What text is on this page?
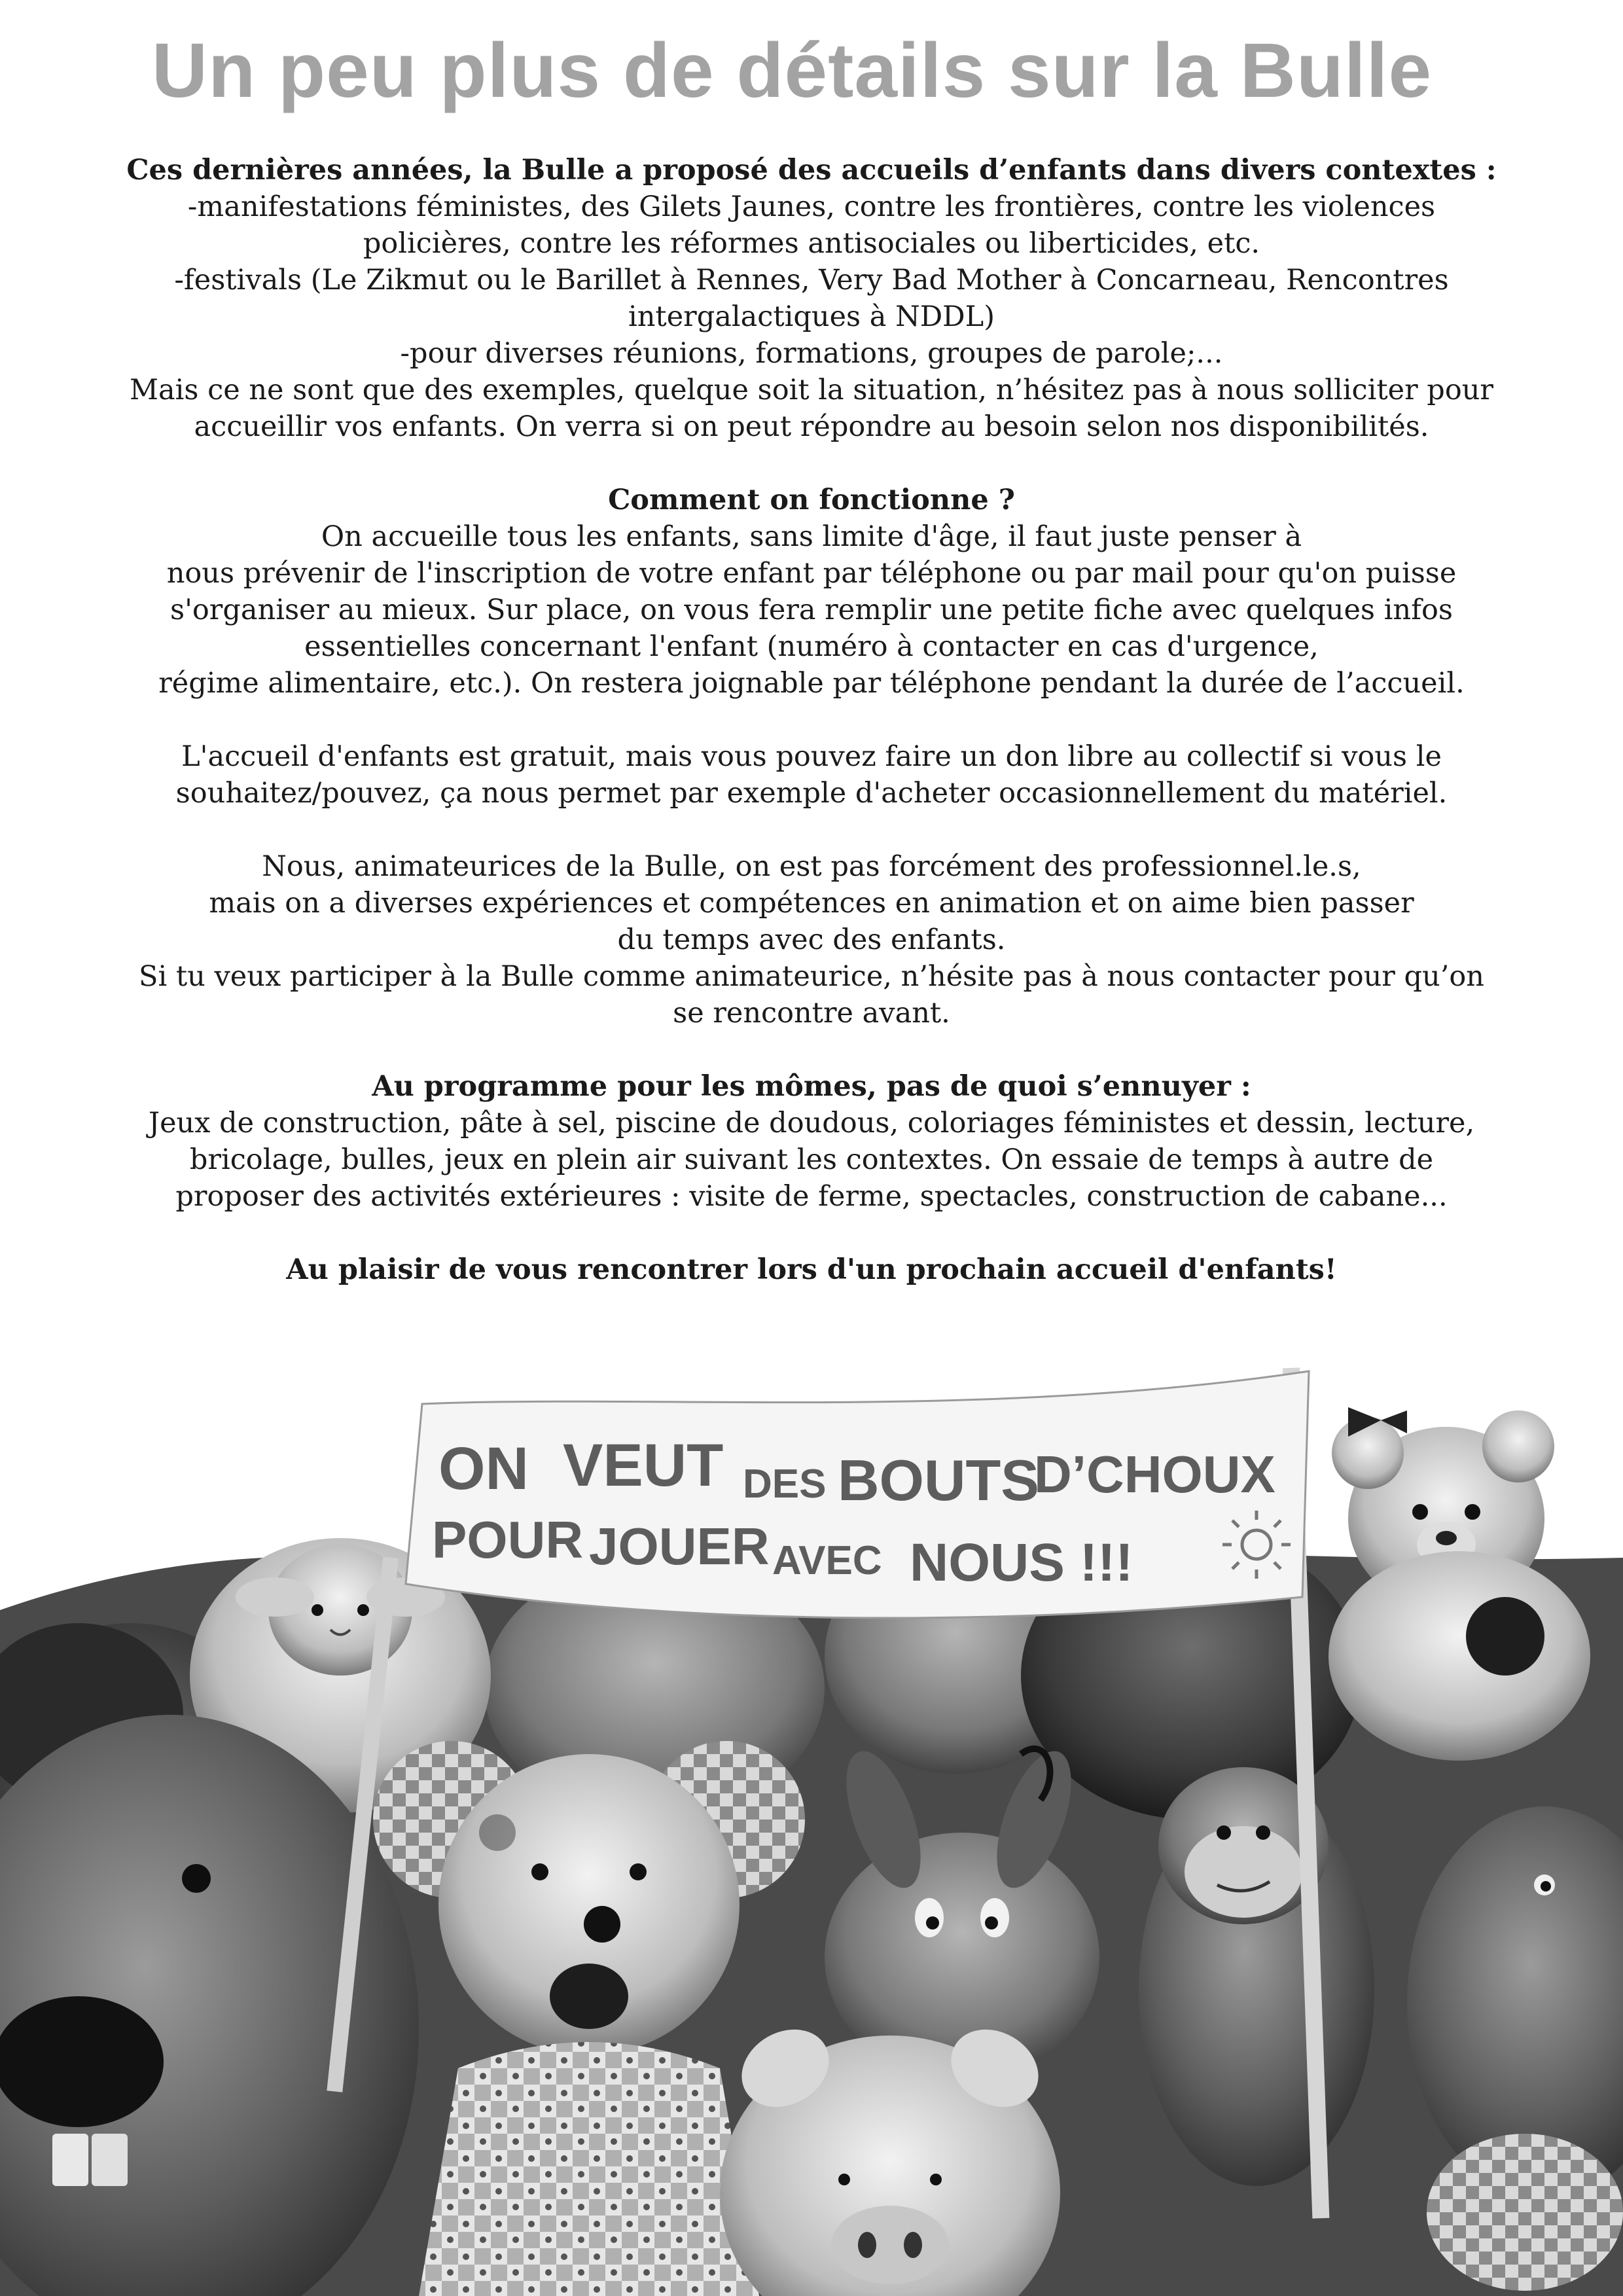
Un peu plus de détails sur la Bulle

Ces dernières années, la Bulle a proposé des accueils d’enfants dans divers contextes :

-manifestations féministes, des Gilets Jaunes, contre les frontières, contre les violences

policières, contre les réformes antisociales ou liberticides, etc.

-festivals (Le Zikmut ou le Barillet à Rennes, Very Bad Mother à Concarneau, Rencontres

intergalactiques à NDDL)

-pour diverses réunions, formations, groupes de parole;...

Mais ce ne sont que des exemples, quelque soit la situation, n’hésitez pas à nous solliciter pour

accueillir vos enfants. On verra si on peut répondre au besoin selon nos disponibilités.

Comment on fonctionne ?

On accueille tous les enfants, sans limite d'âge, il faut juste penser à

nous prévenir de l'inscription de votre enfant par téléphone ou par mail pour qu'on puisse

s'organiser au mieux. Sur place, on vous fera remplir une petite fiche avec quelques infos

essentielles concernant l'enfant (numéro à contacter en cas d'urgence,

régime alimentaire, etc.). On restera joignable par téléphone pendant la durée de l’accueil.

L'accueil d'enfants est gratuit, mais vous pouvez faire un don libre au collectif si vous le

souhaitez/pouvez, ça nous permet par exemple d'acheter occasionnellement du matériel.

Nous, animateurices de la Bulle, on est pas forcément des professionnel.le.s,

mais on a diverses expériences et compétences en animation et on aime bien passer

du temps avec des enfants.

Si tu veux participer à la Bulle comme animateurice, n’hésite pas à nous contacter pour qu’on

se rencontre avant.

Au programme pour les mômes, pas de quoi s’ennuyer :

Jeux de construction, pâte à sel, piscine de doudous, coloriages féministes et dessin, lecture,

bricolage, bulles, jeux en plein air suivant les contextes. On essaie de temps à autre de

proposer des activités extérieures : visite de ferme, spectacles, construction de cabane...

Au plaisir de vous rencontrer lors d'un prochain accueil d'enfants!

ON VEUT DES BOUTS
D’CHOUX
POUR JOUER AVEC NOUS !!!
